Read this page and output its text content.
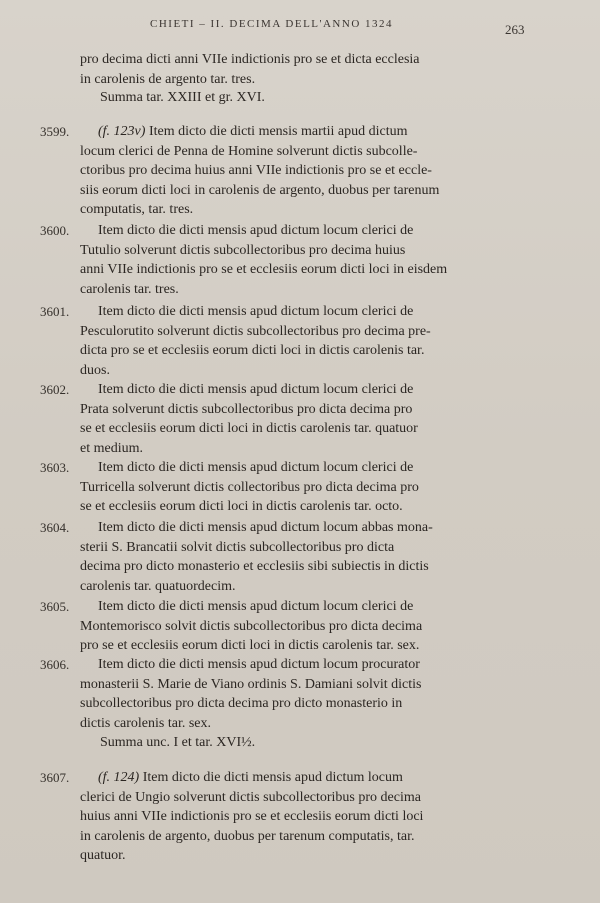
CHIETI – II. DECIMA DELL'ANNO 1324	263
pro decima dicti anni VIIe indictionis pro se et dicta ecclesia
in carolenis de argento tar. tres.
Summa tar. XXIII et gr. XVI.
3599.	(f. 123v) Item dicto die dicti mensis martii apud dictum
locum clerici de Penna de Homine solverunt dictis subcolle-
ctoribus pro decima huius anni VIIe indictionis pro se et eccle-
siis eorum dicti loci in carolenis de argento, duobus per tarenum
computatis, tar. tres.
3600.	Item dicto die dicti mensis apud dictum locum clerici de
Tutulio solverunt dictis subcollectoribus pro decima huius
anni VIIe indictionis pro se et ecclesiis eorum dicti loci in eisdem
carolenis tar. tres.
3601.	Item dicto die dicti mensis apud dictum locum clerici de
Pesculorutito solverunt dictis subcollectoribus pro decima pre-
dicta pro se et ecclesiis eorum dicti loci in dictis carolenis tar.
duos.
3602.	Item dicto die dicti mensis apud dictum locum clerici de
Prata solverunt dictis subcollectoribus pro dicta decima pro
se et ecclesiis eorum dicti loci in dictis carolenis tar. quatuor
et medium.
3603.	Item dicto die dicti mensis apud dictum locum clerici de
Turricella solverunt dictis collectoribus pro dicta decima pro
se et ecclesiis eorum dicti loci in dictis carolenis tar. octo.
3604.	Item dicto die dicti mensis apud dictum locum abbas mona-
sterii S. Brancatii solvit dictis subcollectoribus pro dicta
decima pro dicto monasterio et ecclesiis sibi subiectis in dictis
carolenis tar. quatuordecim.
3605.	Item dicto die dicti mensis apud dictum locum clerici de
Montemorisco solvit dictis subcollectoribus pro dicta decima
pro se et ecclesiis eorum dicti loci in dictis carolenis tar. sex.
3606.	Item dicto die dicti mensis apud dictum locum procurator
monasterii S. Marie de Viano ordinis S. Damiani solvit dictis
subcollectoribus pro dicta decima pro dicto monasterio in
dictis carolenis tar. sex.
Summa unc. I et tar. XVI½.
3607.	(f. 124) Item dicto die dicti mensis apud dictum locum
clerici de Ungio solverunt dictis subcollectoribus pro decima
huius anni VIIe indictionis pro se et ecclesiis eorum dicti loci
in carolenis de argento, duobus per tarenum computatis, tar.
quatuor.
